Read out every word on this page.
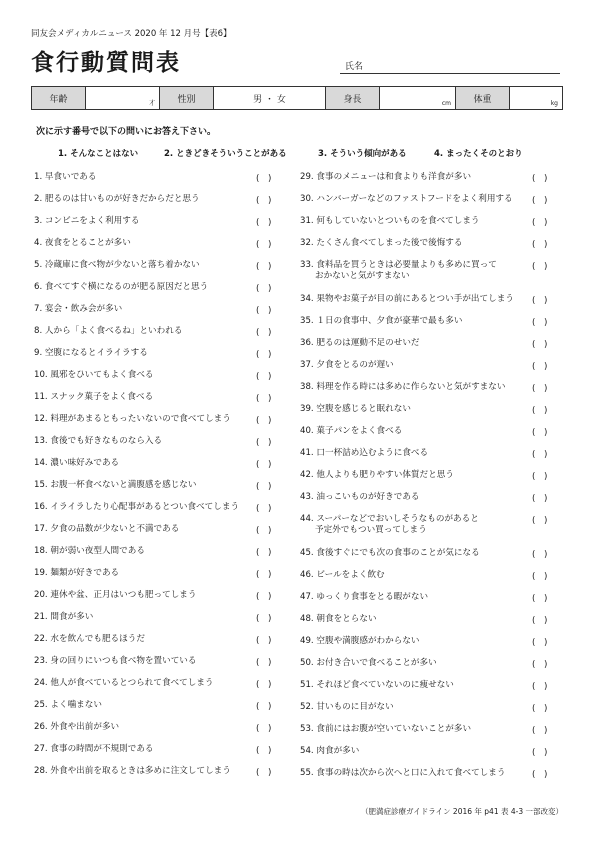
同友会メディカルニュース 2020 年 12 月号【表6】
食行動質問表	氏名
年齢	才	性別	男 ・ 女	身長	cm	体重	kg
次に示す番号で以下の問いにお答え下さい。
1. そんなことはない	2. ときどきそういうことがある	3. そういう傾向がある	4. まったくそのとおり
1. 早食いである	(　)
2. 肥るのは甘いものが好きだからだと思う	(　)
3. コンビニをよく利用する	(　)
4. 夜食をとることが多い	(　)
5. 冷蔵庫に食べ物が少ないと落ち着かない	(　)
6. 食べてすぐ横になるのが肥る原因だと思う	(　)
7. 宴会・飲み会が多い	(　)
8. 人から「よく食べるね」といわれる	(　)
9. 空腹になるとイライラする	(　)
10. 風邪をひいてもよく食べる	(　)
11. スナック菓子をよく食べる	(　)
12. 料理があまるともったいないので食べてしまう	(　)
13. 食後でも好きなものなら入る	(　)
14. 濃い味好みである	(　)
15. お腹一杯食べないと満腹感を感じない	(　)
16. イライラしたり心配事があるとつい食べてしまう (　)
17. 夕食の品数が少ないと不満である	(　)
18. 朝が弱い夜型人間である	(　)
19. 麺類が好きである	(　)
20. 連休や盆、正月はいつも肥ってしまう	(　)
21. 間食が多い	(　)
22. 水を飲んでも肥るほうだ	(　)
23. 身の回りにいつも食べ物を置いている	(　)
24. 他人が食べているとつられて食べてしまう	(　)
25. よく噛まない	(　)
26. 外食や出前が多い	(　)
27. 食事の時間が不規則である	(　)
28. 外食や出前を取るときは多めに注文してしまう	(　)
29. 食事のメニューは和食よりも洋食が多い	(　)
30. ハンバーガーなどのファストフードをよく利用する (　)
31. 何もしていないとついものを食べてしまう	(　)
32. たくさん食べてしまった後で後悔する	(　)
33. 食料品を買うときは必要量よりも多めに買って
おかないと気がすまない
(　)
34. 果物やお菓子が目の前にあるとつい手が出てしまう (　)
35. １日の食事中、夕食が豪華で最も多い	(　)
36. 肥るのは運動不足のせいだ	(　)
37. 夕食をとるのが遅い	(　)
38. 料理を作る時には多めに作らないと気がすまない	(　)
39. 空腹を感じると眠れない	(　)
40. 菓子パンをよく食べる	(　)
41. 口一杯詰め込むように食べる	(　)
42. 他人よりも肥りやすい体質だと思う	(　)
43. 油っこいものが好きである	(　)
44. スーパーなどでおいしそうなものがあると
予定外でもつい買ってしまう
(　)
45. 食後すぐにでも次の食事のことが気になる	(　)
46. ビールをよく飲む	(　)
47. ゆっくり食事をとる暇がない	(　)
48. 朝食をとらない	(　)
49. 空腹や満腹感がわからない	(　)
50. お付き合いで食べることが多い	(　)
51. それほど食べていないのに痩せない	(　)
52. 甘いものに目がない	(　)
53. 食前にはお腹が空いていないことが多い	(　)
54. 肉食が多い	(　)
55. 食事の時は次から次へと口に入れて食べてしまう	(　)
（肥満症診療ガイドライン 2016 年 p41 表 4-3 一部改変）
